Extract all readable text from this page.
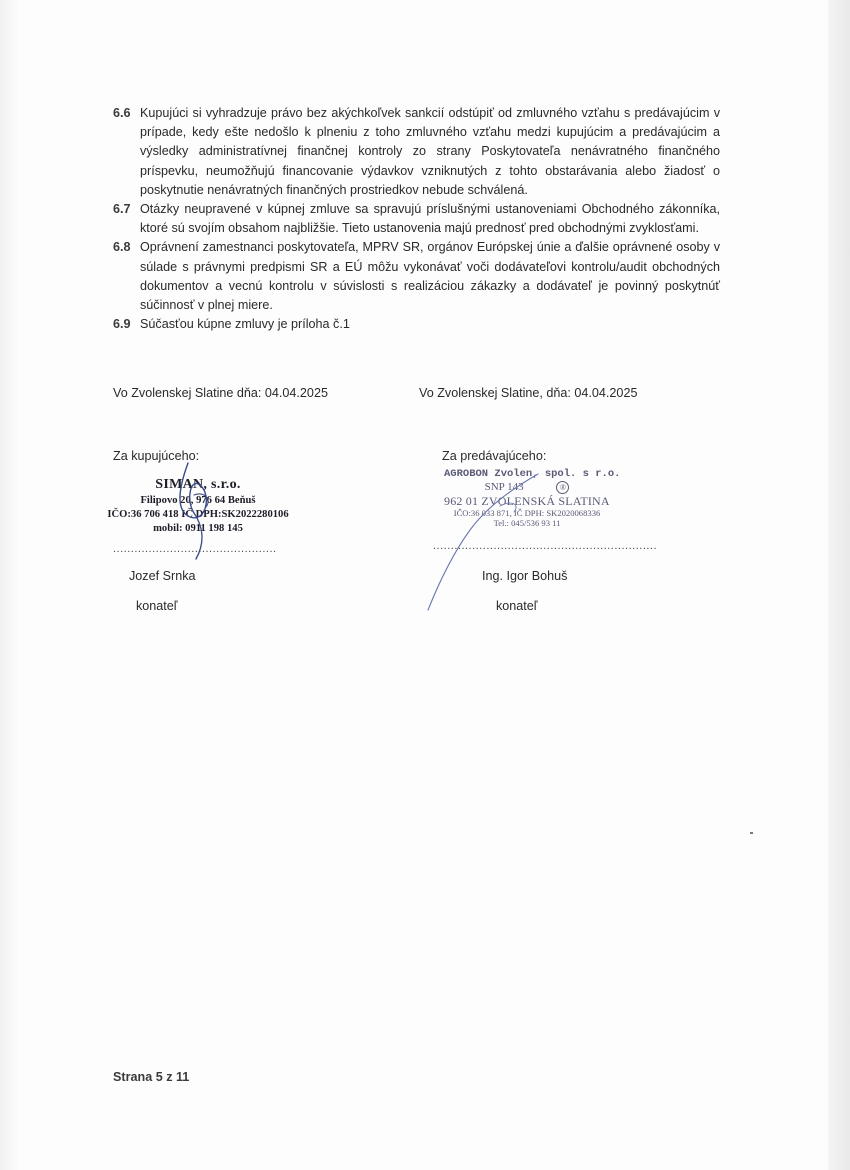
6.6 Kupujúci si vyhradzuje právo bez akýchkoľvek sankcií odstúpiť od zmluvného vzťahu s predávajúcim v prípade, kedy ešte nedošlo k plneniu z toho zmluvného vzťahu medzi kupujúcim a predávajúcim a výsledky administratívnej finančnej kontroly zo strany Poskytovateľa nenávratného finančného príspevku, neumožňujú financovanie výdavkov vzniknutých z tohto obstarávania alebo žiadosť o poskytnutie nenávratných finančných prostriedkov nebude schválená.
6.7 Otázky neupravené v kúpnej zmluve sa spravujú príslušnými ustanoveniami Obchodného zákonníka, ktoré sú svojím obsahom najbližšie. Tieto ustanovenia majú prednosť pred obchodnými zvyklosťami.
6.8 Oprávnení zamestnanci poskytovateľa, MPRV SR, orgánov Európskej únie a ďalšie oprávnené osoby v súlade s právnymi predpismi SR a EÚ môžu vykonávať voči dodávateľovi kontrolu/audit obchodných dokumentov a vecnú kontrolu v súvislosti s realizáciou zákazky a dodávateľ je povinný poskytnúť súčinnosť v plnej miere.
6.9 Súčasťou kúpne zmluvy je príloha č.1
Vo Zvolenskej Slatine dňa: 04.04.2025
Za kupujúceho:
SIMAN, s.r.o.
Filipovo 20, 976 64 Beňuš
IČO:36 706 418 IČ DPH:SK2022280106
mobil: 0911 198 145
..............................................
Jozef Srnka
konateľ
Vo Zvolenskej Slatine, dňa: 04.04.2025
Za predávajúceho:
AGROBON Zvolen, spol. s r.o.
SNP 143	®
962 01 ZVOLENSKÁ SLATINA
IČO:36 033 871, IČ DPH: SK2020068336
Tel.: 045/536 93 11
...............................................................
Ing. Igor Bohuš
konateľ
Strana 5 z 11
